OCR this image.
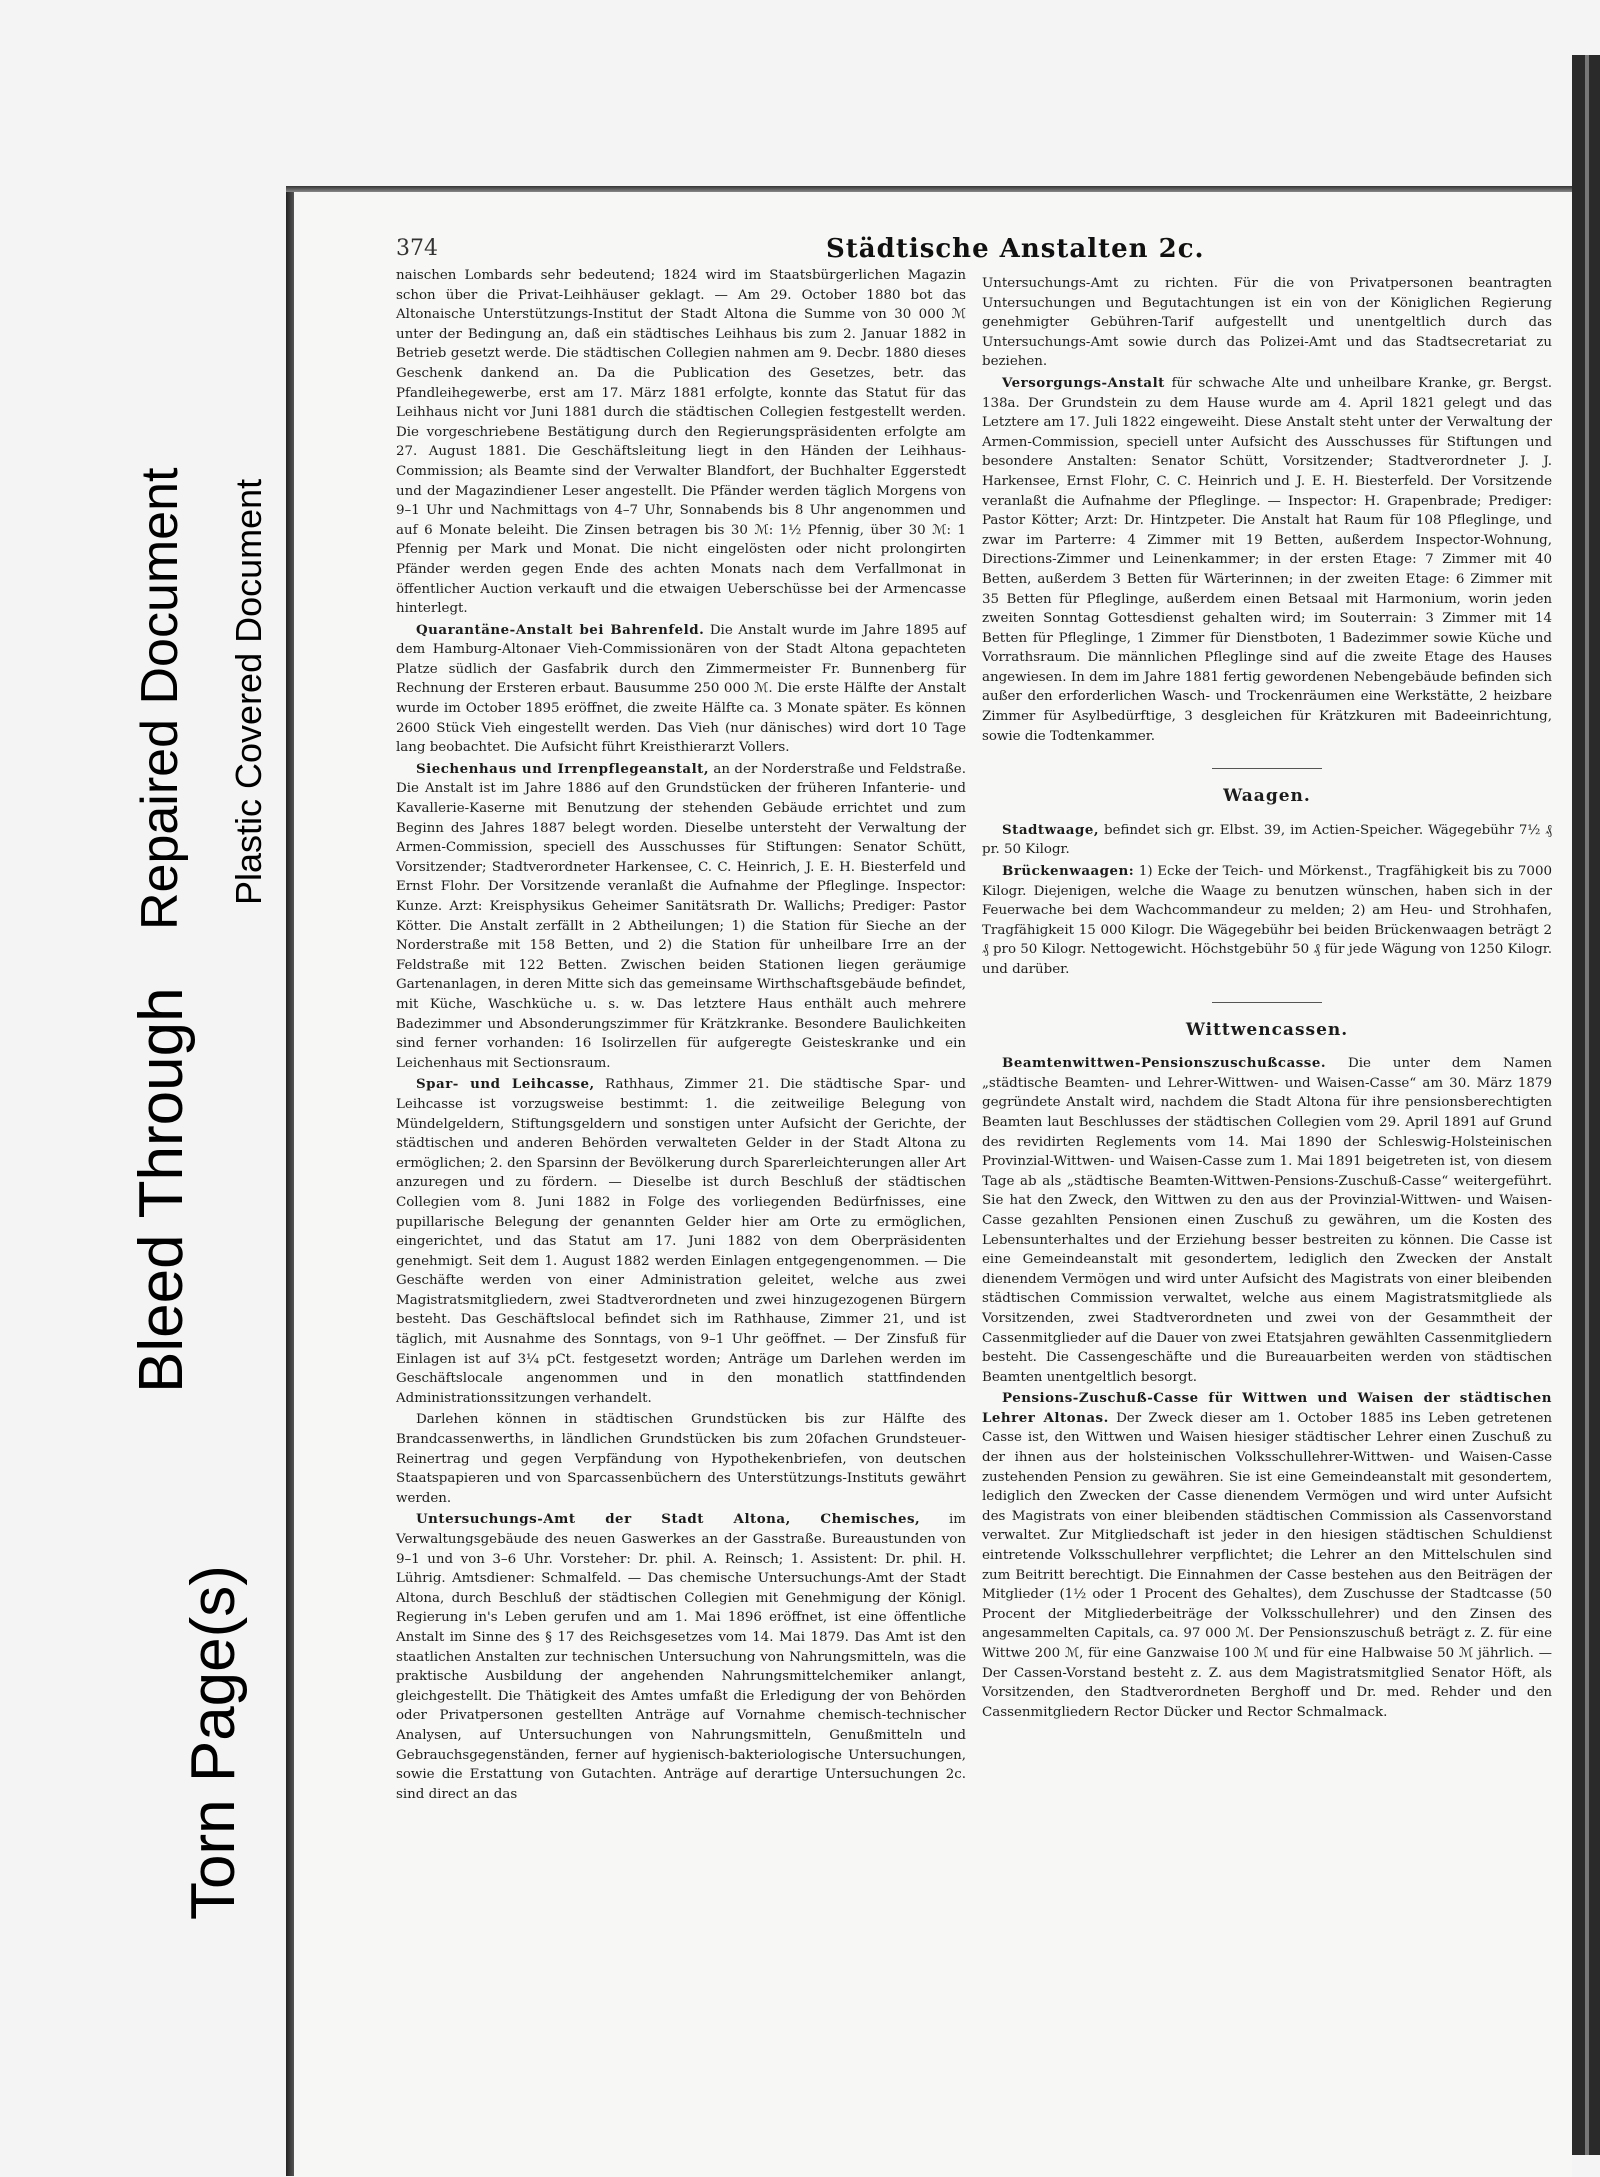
Torn Page(s)
Bleed Through
Repaired Document Plastic Covered Document
374	Städtische Anstalten 2c.

naischen Lombards sehr bedeutend; 1824 wird im Staatsbürgerlichen Magazin schon über die Privat-Leihhäuser geklagt. — Am 29. October 1880 bot das Altonaische Unterstützungs-Institut der Stadt Altona die Summe von 30 000 ℳ unter der Bedingung an, daß ein städtisches Leihhaus bis zum 2. Januar 1882 in Betrieb gesetzt werde. Die städtischen Collegien nahmen am 9. Decbr. 1880 dieses Geschenk dankend an. Da die Publication des Gesetzes, betr. das Pfandleihegewerbe, erst am 17. März 1881 erfolgte, konnte das Statut für das Leihhaus nicht vor Juni 1881 durch die städtischen Collegien festgestellt werden. Die vorgeschriebene Bestätigung durch den Regierungspräsidenten erfolgte am 27. August 1881. Die Geschäftsleitung liegt in den Händen der Leihhaus-Commission; als Beamte sind der Verwalter Blandfort, der Buchhalter Eggerstedt und der Magazindiener Leser angestellt. Die Pfänder werden täglich Morgens von 9–1 Uhr und Nachmittags von 4–7 Uhr, Sonnabends bis 8 Uhr angenommen und auf 6 Monate beleiht. Die Zinsen betragen bis 30 ℳ: 1½ Pfennig, über 30 ℳ: 1 Pfennig per Mark und Monat. Die nicht eingelösten oder nicht prolongirten Pfänder werden gegen Ende des achten Monats nach dem Verfallmonat in öffentlicher Auction verkauft und die etwaigen Ueberschüsse bei der Armencasse hinterlegt.

Quarantäne-Anstalt bei Bahrenfeld. Die Anstalt wurde im Jahre 1895 auf dem Hamburg-Altonaer Vieh-Commissionären von der Stadt Altona gepachteten Platze südlich der Gasfabrik durch den Zimmermeister Fr. Bunnenberg für Rechnung der Ersteren erbaut. Bausumme 250 000 ℳ. Die erste Hälfte der Anstalt wurde im October 1895 eröffnet, die zweite Hälfte ca. 3 Monate später. Es können 2600 Stück Vieh eingestellt werden. Das Vieh (nur dänisches) wird dort 10 Tage lang beobachtet. Die Aufsicht führt Kreisthierarzt Vollers.

Siechenhaus und Irrenpflegeanstalt, an der Norderstraße und Feldstraße. Die Anstalt ist im Jahre 1886 auf den Grundstücken der früheren Infanterie- und Kavallerie-Kaserne mit Benutzung der stehenden Gebäude errichtet und zum Beginn des Jahres 1887 belegt worden. Dieselbe untersteht der Verwaltung der Armen-Commission, speciell des Ausschusses für Stiftungen: Senator Schütt, Vorsitzender; Stadtverordneter Harkensee, C. C. Heinrich, J. E. H. Biesterfeld und Ernst Flohr. Der Vorsitzende veranlaßt die Aufnahme der Pfleglinge. Inspector: Kunze. Arzt: Kreisphysikus Geheimer Sanitätsrath Dr. Wallichs; Prediger: Pastor Kötter. Die Anstalt zerfällt in 2 Abtheilungen; 1) die Station für Sieche an der Norderstraße mit 158 Betten, und 2) die Station für unheilbare Irre an der Feldstraße mit 122 Betten. Zwischen beiden Stationen liegen geräumige Gartenanlagen, in deren Mitte sich das gemeinsame Wirthschaftsgebäude befindet, mit Küche, Waschküche u. s. w. Das letztere Haus enthält auch mehrere Badezimmer und Absonderungszimmer für Krätzkranke. Besondere Baulichkeiten sind ferner vorhanden: 16 Isolirzellen für aufgeregte Geisteskranke und ein Leichenhaus mit Sectionsraum.

Spar- und Leihcasse, Rathhaus, Zimmer 21. Die städtische Spar- und Leihcasse ist vorzugsweise bestimmt: 1. die zeitweilige Belegung von Mündelgeldern, Stiftungsgeldern und sonstigen unter Aufsicht der Gerichte, der städtischen und anderen Behörden verwalteten Gelder in der Stadt Altona zu ermöglichen; 2. den Sparsinn der Bevölkerung durch Sparerleichterungen aller Art anzuregen und zu fördern. — Dieselbe ist durch Beschluß der städtischen Collegien vom 8. Juni 1882 in Folge des vorliegenden Bedürfnisses, eine pupillarische Belegung der genannten Gelder hier am Orte zu ermöglichen, eingerichtet, und das Statut am 17. Juni 1882 von dem Oberpräsidenten genehmigt. Seit dem 1. August 1882 werden Einlagen entgegengenommen. — Die Geschäfte werden von einer Administration geleitet, welche aus zwei Magistratsmitgliedern, zwei Stadtverordneten und zwei hinzugezogenen Bürgern besteht. Das Geschäftslocal befindet sich im Rathhause, Zimmer 21, und ist täglich, mit Ausnahme des Sonntags, von 9–1 Uhr geöffnet. — Der Zinsfuß für Einlagen ist auf 3¼ pCt. festgesetzt worden; Anträge um Darlehen werden im Geschäftslocale angenommen und in den monatlich stattfindenden Administrationssitzungen verhandelt.

Darlehen können in städtischen Grundstücken bis zur Hälfte des Brandcassenwerths, in ländlichen Grundstücken bis zum 20fachen Grundsteuer-Reinertrag und gegen Verpfändung von Hypothekenbriefen, von deutschen Staatspapieren und von Sparcassenbüchern des Unterstützungs-Instituts gewährt werden.

Untersuchungs-Amt der Stadt Altona, Chemisches, im Verwaltungsgebäude des neuen Gaswerkes an der Gasstraße. Bureaustunden von 9–1 und von 3–6 Uhr. Vorsteher: Dr. phil. A. Reinsch; 1. Assistent: Dr. phil. H. Lührig. Amtsdiener: Schmalfeld. — Das chemische Untersuchungs-Amt der Stadt Altona, durch Beschluß der städtischen Collegien mit Genehmigung der Königl. Regierung in's Leben gerufen und am 1. Mai 1896 eröffnet, ist eine öffentliche Anstalt im Sinne des § 17 des Reichsgesetzes vom 14. Mai 1879. Das Amt ist den staatlichen Anstalten zur technischen Untersuchung von Nahrungsmitteln, was die praktische Ausbildung der angehenden Nahrungsmittelchemiker anlangt, gleichgestellt. Die Thätigkeit des Amtes umfaßt die Erledigung der von Behörden oder Privatpersonen gestellten Anträge auf Vornahme chemisch-technischer Analysen, auf Untersuchungen von Nahrungsmitteln, Genußmitteln und Gebrauchsgegenständen, ferner auf hygienisch-bakteriologische Untersuchungen, sowie die Erstattung von Gutachten. Anträge auf derartige Untersuchungen 2c. sind direct an das

Untersuchungs-Amt zu richten. Für die von Privatpersonen beantragten Untersuchungen und Begutachtungen ist ein von der Königlichen Regierung genehmigter Gebühren-Tarif aufgestellt und unentgeltlich durch das Untersuchungs-Amt sowie durch das Polizei-Amt und das Stadtsecretariat zu beziehen.

Versorgungs-Anstalt für schwache Alte und unheilbare Kranke, gr. Bergst. 138a. Der Grundstein zu dem Hause wurde am 4. April 1821 gelegt und das Letztere am 17. Juli 1822 eingeweiht. Diese Anstalt steht unter der Verwaltung der Armen-Commission, speciell unter Aufsicht des Ausschusses für Stiftungen und besondere Anstalten: Senator Schütt, Vorsitzender; Stadtverordneter J. J. Harkensee, Ernst Flohr, C. C. Heinrich und J. E. H. Biesterfeld. Der Vorsitzende veranlaßt die Aufnahme der Pfleglinge. — Inspector: H. Grapenbrade; Prediger: Pastor Kötter; Arzt: Dr. Hintzpeter. Die Anstalt hat Raum für 108 Pfleglinge, und zwar im Parterre: 4 Zimmer mit 19 Betten, außerdem Inspector-Wohnung, Directions-Zimmer und Leinenkammer; in der ersten Etage: 7 Zimmer mit 40 Betten, außerdem 3 Betten für Wärterinnen; in der zweiten Etage: 6 Zimmer mit 35 Betten für Pfleglinge, außerdem einen Betsaal mit Harmonium, worin jeden zweiten Sonntag Gottesdienst gehalten wird; im Souterrain: 3 Zimmer mit 14 Betten für Pfleglinge, 1 Zimmer für Dienstboten, 1 Badezimmer sowie Küche und Vorrathsraum. Die männlichen Pfleglinge sind auf die zweite Etage des Hauses angewiesen. In dem im Jahre 1881 fertig gewordenen Nebengebäude befinden sich außer den erforderlichen Wasch- und Trockenräumen eine Werkstätte, 2 heizbare Zimmer für Asylbedürftige, 3 desgleichen für Krätzkuren mit Badeeinrichtung, sowie die Todtenkammer.

Waagen.

Stadtwaage, befindet sich gr. Elbst. 39, im Actien-Speicher. Wägegebühr 7½ ₰ pr. 50 Kilogr.

Brückenwaagen: 1) Ecke der Teich- und Mörkenst., Tragfähigkeit bis zu 7000 Kilogr. Diejenigen, welche die Waage zu benutzen wünschen, haben sich in der Feuerwache bei dem Wachcommandeur zu melden; 2) am Heu- und Strohhafen, Tragfähigkeit 15 000 Kilogr. Die Wägegebühr bei beiden Brückenwaagen beträgt 2 ₰ pro 50 Kilogr. Nettogewicht. Höchstgebühr 50 ₰ für jede Wägung von 1250 Kilogr. und darüber.

Wittwencassen.

Beamtenwittwen-Pensionszuschußcasse. Die unter dem Namen „städtische Beamten- und Lehrer-Wittwen- und Waisen-Casse“ am 30. März 1879 gegründete Anstalt wird, nachdem die Stadt Altona für ihre pensionsberechtigten Beamten laut Beschlusses der städtischen Collegien vom 29. April 1891 auf Grund des revidirten Reglements vom 14. Mai 1890 der Schleswig-Holsteinischen Provinzial-Wittwen- und Waisen-Casse zum 1. Mai 1891 beigetreten ist, von diesem Tage ab als „städtische Beamten-Wittwen-Pensions-Zuschuß-Casse“ weitergeführt. Sie hat den Zweck, den Wittwen zu den aus der Provinzial-Wittwen- und Waisen-Casse gezahlten Pensionen einen Zuschuß zu gewähren, um die Kosten des Lebensunterhaltes und der Erziehung besser bestreiten zu können. Die Casse ist eine Gemeindeanstalt mit gesondertem, lediglich den Zwecken der Anstalt dienendem Vermögen und wird unter Aufsicht des Magistrats von einer bleibenden städtischen Commission verwaltet, welche aus einem Magistratsmitgliede als Vorsitzenden, zwei Stadtverordneten und zwei von der Gesammtheit der Cassenmitglieder auf die Dauer von zwei Etatsjahren gewählten Cassenmitgliedern besteht. Die Cassengeschäfte und die Bureauarbeiten werden von städtischen Beamten unentgeltlich besorgt.

Pensions-Zuschuß-Casse für Wittwen und Waisen der städtischen Lehrer Altonas. Der Zweck dieser am 1. October 1885 ins Leben getretenen Casse ist, den Wittwen und Waisen hiesiger städtischer Lehrer einen Zuschuß zu der ihnen aus der holsteinischen Volksschullehrer-Wittwen- und Waisen-Casse zustehenden Pension zu gewähren. Sie ist eine Gemeindeanstalt mit gesondertem, lediglich den Zwecken der Casse dienendem Vermögen und wird unter Aufsicht des Magistrats von einer bleibenden städtischen Commission als Cassenvorstand verwaltet. Zur Mitgliedschaft ist jeder in den hiesigen städtischen Schuldienst eintretende Volksschullehrer verpflichtet; die Lehrer an den Mittelschulen sind zum Beitritt berechtigt. Die Einnahmen der Casse bestehen aus den Beiträgen der Mitglieder (1½ oder 1 Procent des Gehaltes), dem Zuschusse der Stadtcasse (50 Procent der Mitgliederbeiträge der Volksschullehrer) und den Zinsen des angesammelten Capitals, ca. 97 000 ℳ. Der Pensionszuschuß beträgt z. Z. für eine Wittwe 200 ℳ, für eine Ganzwaise 100 ℳ und für eine Halbwaise 50 ℳ jährlich. — Der Cassen-Vorstand besteht z. Z. aus dem Magistratsmitglied Senator Höft, als Vorsitzenden, den Stadtverordneten Berghoff und Dr. med. Rehder und den Cassenmitgliedern Rector Dücker und Rector Schmalmack.
